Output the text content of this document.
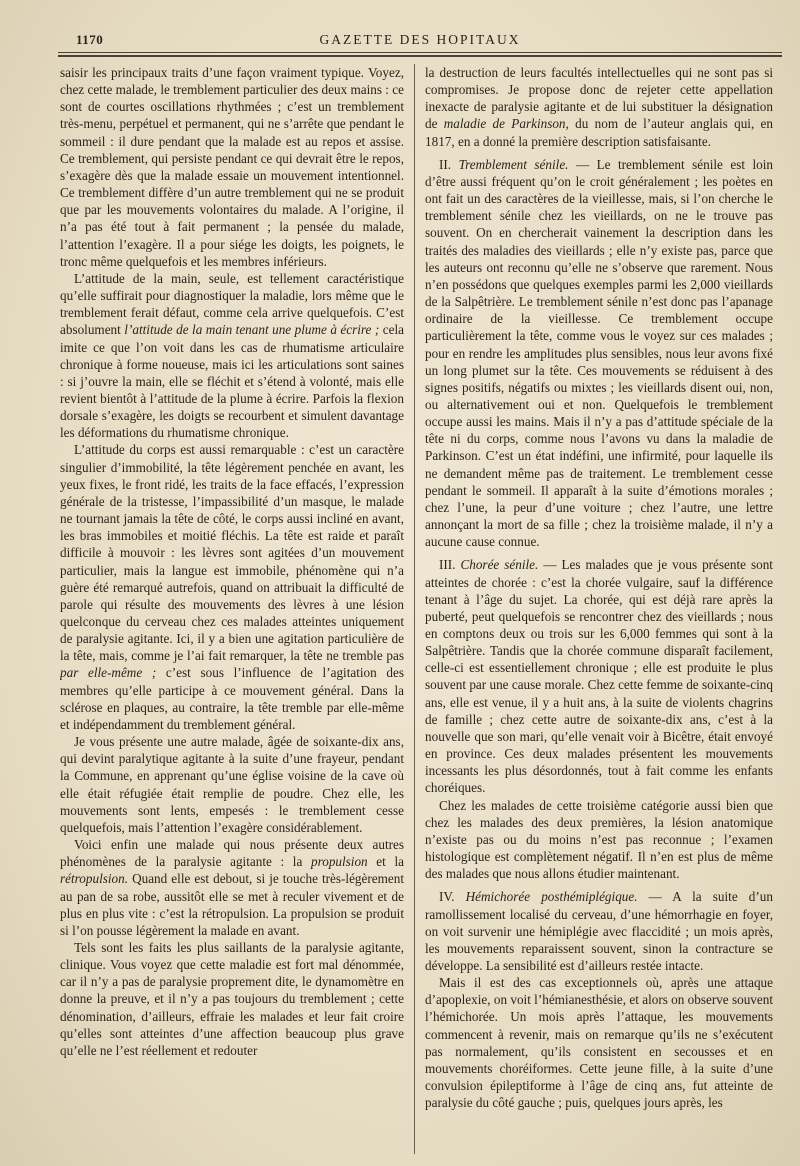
1170	GAZETTE DES HOPITAUX

saisir les principaux traits d’une façon vraiment typique. Voyez, chez cette malade, le tremblement particulier des deux mains : ce sont de courtes oscillations rhythmées ; c’est un tremblement très-menu, perpétuel et permanent, qui ne s’arrête que pendant le sommeil : il dure pendant que la malade est au repos et assise. Ce tremblement, qui persiste pendant ce qui devrait être le repos, s’exagère dès que la malade essaie un mouvement intentionnel. Ce tremblement diffère d’un autre tremblement qui ne se produit que par les mouvements volontaires du malade. A l’origine, il n’a pas été tout à fait permanent ; la pensée du malade, l’attention l’exagère. Il a pour siége les doigts, les poignets, le tronc même quelquefois et les membres inférieurs.

L’attitude de la main, seule, est tellement caractéristique qu’elle suffirait pour diagnostiquer la maladie, lors même que le tremblement ferait défaut, comme cela arrive quelquefois. C’est absolument l’attitude de la main tenant une plume à écrire ; cela imite ce que l’on voit dans les cas de rhumatisme articulaire chronique à forme noueuse, mais ici les articulations sont saines : si j’ouvre la main, elle se fléchit et s’étend à volonté, mais elle revient bientôt à l’attitude de la plume à écrire. Parfois la flexion dorsale s’exagère, les doigts se recourbent et simulent davantage les déformations du rhumatisme chronique.

L’attitude du corps est aussi remarquable : c’est un caractère singulier d’immobilité, la tête légèrement penchée en avant, les yeux fixes, le front ridé, les traits de la face effacés, l’expression générale de la tristesse, l’impassibilité d’un masque, le malade ne tournant jamais la tête de côté, le corps aussi incliné en avant, les bras immobiles et moitié fléchis. La tête est raide et paraît difficile à mouvoir : les lèvres sont agitées d’un mouvement particulier, mais la langue est immobile, phénomène qui n’a guère été remarqué autrefois, quand on attribuait la difficulté de parole qui résulte des mouvements des lèvres à une lésion quelconque du cerveau chez ces malades atteintes uniquement de paralysie agitante. Ici, il y a bien une agitation particulière de la tête, mais, comme je l’ai fait remarquer, la tête ne tremble pas par elle-même ; c’est sous l’influence de l’agitation des membres qu’elle participe à ce mouvement général. Dans la sclérose en plaques, au contraire, la tête tremble par elle-même et indépendamment du tremblement général.

Je vous présente une autre malade, âgée de soixante-dix ans, qui devint paralytique agitante à la suite d’une frayeur, pendant la Commune, en apprenant qu’une église voisine de la cave où elle était réfugiée était remplie de poudre. Chez elle, les mouvements sont lents, empesés : le tremblement cesse quelquefois, mais l’attention l’exagère considérablement.

Voici enfin une malade qui nous présente deux autres phénomènes de la paralysie agitante : la propulsion et la rétropulsion. Quand elle est debout, si je touche très-légèrement au pan de sa robe, aussitôt elle se met à reculer vivement et de plus en plus vite : c’est la rétropulsion. La propulsion se produit si l’on pousse légèrement la malade en avant.

Tels sont les faits les plus saillants de la paralysie agitante, clinique. Vous voyez que cette maladie est fort mal dénommée, car il n’y a pas de paralysie proprement dite, le dynamomètre en donne la preuve, et il n’y a pas toujours du tremblement ; cette dénomination, d’ailleurs, effraie les malades et leur fait croire qu’elles sont atteintes d’une affection beaucoup plus grave qu’elle ne l’est réellement et redouter

la destruction de leurs facultés intellectuelles qui ne sont pas si compromises. Je propose donc de rejeter cette appellation inexacte de paralysie agitante et de lui substituer la désignation de maladie de Parkinson, du nom de l’auteur anglais qui, en 1817, en a donné la première description satisfaisante.

II. Tremblement sénile. — Le tremblement sénile est loin d’être aussi fréquent qu’on le croit généralement ; les poètes en ont fait un des caractères de la vieillesse, mais, si l’on cherche le tremblement sénile chez les vieillards, on ne le trouve pas souvent. On en chercherait vainement la description dans les traités des maladies des vieillards ; elle n’y existe pas, parce que les auteurs ont reconnu qu’elle ne s’observe que rarement. Nous n’en possédons que quelques exemples parmi les 2,000 vieillards de la Salpêtrière. Le tremblement sénile n’est donc pas l’apanage ordinaire de la vieillesse. Ce tremblement occupe particulièrement la tête, comme vous le voyez sur ces malades ; pour en rendre les amplitudes plus sensibles, nous leur avons fixé un long plumet sur la tête. Ces mouvements se réduisent à des signes positifs, négatifs ou mixtes ; les vieillards disent oui, non, ou alternativement oui et non. Quelquefois le tremblement occupe aussi les mains. Mais il n’y a pas d’attitude spéciale de la tête ni du corps, comme nous l’avons vu dans la maladie de Parkinson. C’est un état indéfini, une infirmité, pour laquelle ils ne demandent même pas de traitement. Le tremblement cesse pendant le sommeil. Il apparaît à la suite d’émotions morales ; chez l’une, la peur d’une voiture ; chez l’autre, une lettre annonçant la mort de sa fille ; chez la troisième malade, il n’y a aucune cause connue.

III. Chorée sénile. — Les malades que je vous présente sont atteintes de chorée : c’est la chorée vulgaire, sauf la différence tenant à l’âge du sujet. La chorée, qui est déjà rare après la puberté, peut quelquefois se rencontrer chez des vieillards ; nous en comptons deux ou trois sur les 6,000 femmes qui sont à la Salpêtrière. Tandis que la chorée commune disparaît facilement, celle-ci est essentiellement chronique ; elle est produite le plus souvent par une cause morale. Chez cette femme de soixante-cinq ans, elle est venue, il y a huit ans, à la suite de violents chagrins de famille ; chez cette autre de soixante-dix ans, c’est à la nouvelle que son mari, qu’elle venait voir à Bicêtre, était envoyé en province. Ces deux malades présentent les mouvements incessants les plus désordonnés, tout à fait comme les enfants choréiques.

Chez les malades de cette troisième catégorie aussi bien que chez les malades des deux premières, la lésion anatomique n’existe pas ou du moins n’est pas reconnue ; l’examen histologique est complètement négatif. Il n’en est plus de même des malades que nous allons étudier maintenant.

IV. Hémichorée posthémiplégique. — A la suite d’un ramollissement localisé du cerveau, d’une hémorrhagie en foyer, on voit survenir une hémiplégie avec flaccidité ; un mois après, les mouvements reparaissent souvent, sinon la contracture se développe. La sensibilité est d’ailleurs restée intacte.

Mais il est des cas exceptionnels où, après une attaque d’apoplexie, on voit l’hémianesthésie, et alors on observe souvent l’hémichorée. Un mois après l’attaque, les mouvements commencent à revenir, mais on remarque qu’ils ne s’exécutent pas normalement, qu’ils consistent en secousses et en mouvements choréiformes. Cette jeune fille, à la suite d’une convulsion épileptiforme à l’âge de cinq ans, fut atteinte de paralysie du côté gauche ; puis, quelques jours après, les
